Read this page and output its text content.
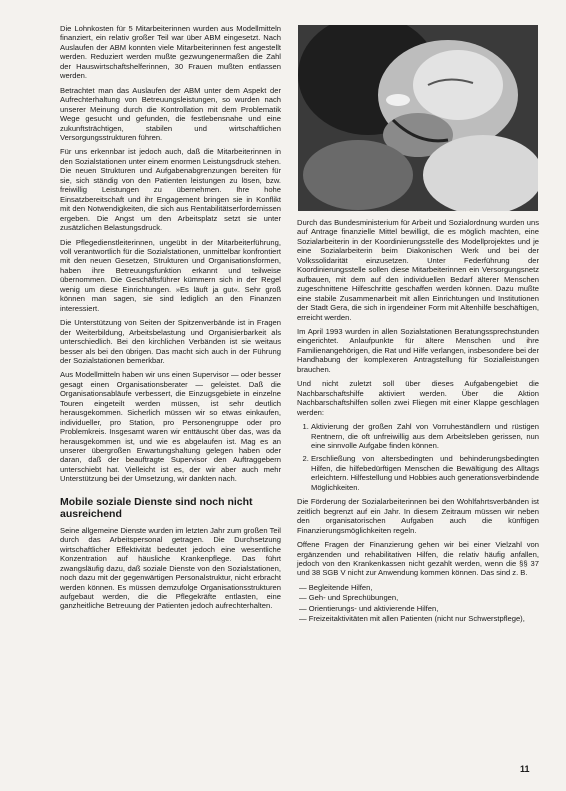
Die Lohnkosten für 5 Mitarbeiterinnen wurden aus Modellmitteln finanziert, ein relativ großer Teil war über ABM eingesetzt. Nach Auslaufen der ABM konnten viele Mitarbeiterinnen fest angestellt werden. Reduziert werden mußte gezwungenermaßen die Zahl der Hauswirtschaftshelferinnen, 30 Frauen mußten entlassen werden.

Betrachtet man das Auslaufen der ABM unter dem Aspekt der Aufrechterhaltung von Betreuungsleistungen, so wurden nach unserer Meinung durch die Kontrollation mit dem Problematik Wege gesucht und gefunden, die festlebensnahe und eine zukunftsträchtigen, stabilen und wirtschaftlichen Versorgungsstrukturen führen.

Für uns erkennbar ist jedoch auch, daß die Mitarbeiterinnen in den Sozialstationen unter einem enormen Leistungsdruck stehen. Die neuen Strukturen und Aufgabenabgrenzungen bereiten für sie, sich ständig von den Patienten leistungen zu lösen, bzw. freiwillig Leistungen zu übernehmen. Ihre hohe Einsatzbereitschaft und ihr Engagement bringen sie in Konflikt mit den Notwendigkeiten, die sich aus Rentabilitätserfordernissen ergeben. Die Angst um den Arbeitsplatz setzt sie unter zusätzlichen Belastungsdruck.

Die Pflegedienstleiterinnen, ungeübt in der Mitarbeiterführung, voll verantwortlich für die Sozialstationen, unmittelbar konfrontiert mit den neuen Gesetzen, Strukturen und Organisationsformen, haben ihre Betreuungsfunktion erkannt und teilweise übernommen. Die Geschäftsführer kümmern sich in der Regel wenig um diese Einrichtungen. »Es läuft ja gut«. Sehr groß können man sagen, sie sind lediglich an den Finanzen interessiert.

Die Unterstützung von Seiten der Spitzenverbände ist in Fragen der Weiterbildung, Arbeitsbelastung und Organisierbarkeit als unterschiedlich. Bei den kirchlichen Verbänden ist sie weitaus besser als bei den übrigen. Das macht sich auch in der Führung der Sozialstationen bemerkbar.

Aus Modellmitteln haben wir uns einen Supervisor — oder besser gesagt einen Organisationsberater — geleistet. Daß die Organisationsabläufe verbessert, die Einzugsgebiete in einzelne Touren eingeteilt werden müssen, ist sehr deutlich herausgekommen. Sicherlich müssen wir so etwas einkaufen, individueller, pro Station, pro Personengruppe oder pro Problemkreis. Insgesamt waren wir enttäuscht über das, was da herausgekommen ist, und wie es abgelaufen ist. Mag es an unserer übergroßen Erwartungshaltung gelegen haben oder daran, daß der beauftragte Supervisor den Auftraggebern unterschiebt hat. Vielleicht ist es, der wir aber auch mehr Unterstützung bei der Umsetzung, wir dankten nach.

Mobile soziale Dienste sind noch nicht ausreichend

Seine allgemeine Dienste wurden im letzten Jahr zum großen Teil durch das Arbeitspersonal getragen. Die Durchsetzung wirtschaftlicher Effektivität bedeutet jedoch eine wesentliche Konzentration auf häusliche Krankenpflege. Das führt zwangsläufig dazu, daß soziale Dienste von den Sozialstationen, noch dazu mit der gegenwärtigen Personalstruktur, nicht erbracht werden können. Es müssen demzufolge Organisationsstrukturen aufgebaut werden, die die Pflegekräfte entlasten, eine ganzheitliche Betreuung der Patienten jedoch aufrechterhalten.

Durch das Bundesministerium für Arbeit und Sozialordnung wurden uns auf Antrage finanzielle Mittel bewilligt, die es möglich machten, eine Sozialarbeiterin in der Koordinierungsstelle des Modellprojektes und je eine Sozialarbeiterin beim Diakonischen Werk und bei der Volkssolidarität einzusetzen. Unter Federführung der Koordinierungsstelle sollen diese Mitarbeiterinnen ein Versorgungsnetz aufbauen, mit dem auf den individuellen Bedarf älterer Menschen zugeschnittene Hilfeschritte geschaffen werden können. Dazu mußte eine stabile Zusammenarbeit mit allen Einrichtungen und Institutionen der Stadt Gera, die sich in irgendeiner Form mit Altenhilfe beschäftigen, erreicht werden.

Im April 1993 wurden in allen Sozialstationen Beratungssprechstunden eingerichtet. Anlaufpunkte für ältere Menschen und ihre Familienangehörigen, die Rat und Hilfe verlangen, insbesondere bei der Handhabung der komplexeren Antragstellung für Sozialleistungen brauchen.

Und nicht zuletzt soll über dieses Aufgabengebiet die Nachbarschaftshilfe aktiviert werden. Über die Aktion Nachbarschaftshilfen sollen zwei Fliegen mit einer Klappe geschlagen werden:

1. Aktivierung der großen Zahl von Vorruheständlern und rüstigen Rentnern, die oft unfreiwillig aus dem Arbeitsleben gerissen, nun eine sinnvolle Aufgabe finden können.
2. Erschließung von altersbedingten und behinderungsbedingten Hilfen, die hilfebedürftigen Menschen die Bewältigung des Alltags erleichtern. Hilfestellung und Hobbies auch generationsverbindende Möglichkeiten.

Die Förderung der Sozialarbeiterinnen bei den Wohlfahrtsverbänden ist zeitlich begrenzt auf ein Jahr. In diesem Zeitraum müssen wir neben den organisatorischen Aufgaben auch die künftigen Finanzierungsmöglichkeiten regeln.

Offene Fragen der Finanzierung gehen wir bei einer Vielzahl von ergänzenden und rehabilitativen Hilfen, die relativ häufig anfallen, jedoch von den Krankenkassen nicht gezahlt werden, wenn die §§ 37 und 38 SGB V nicht zur Anwendung kommen können. Das sind z. B.

— Begleitende Hilfen,
— Geh- und Sprechübungen,
— Orientierungs- und aktivierende Hilfen,
— Freizeitaktivitäten mit allen Patienten (nicht nur Schwerstpflege),
11
